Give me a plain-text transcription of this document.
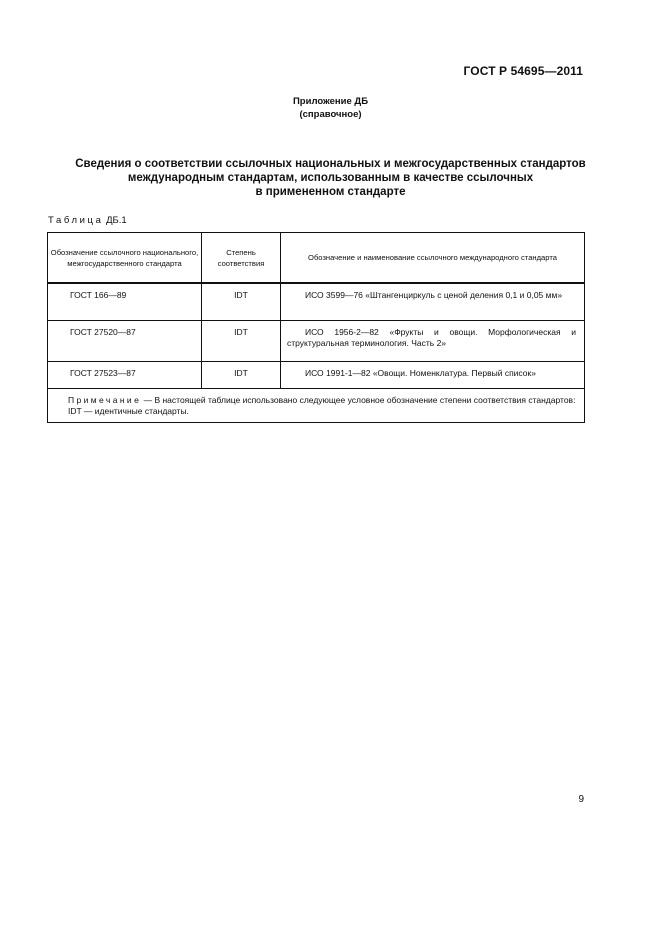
ГОСТ Р 54695—2011
Приложение ДБ
(справочное)
Сведения о соответствии ссылочных национальных и межгосударственных стандартов
международным стандартам, использованным в качестве ссылочных
в примененном стандарте
Таблица ДБ.1
Обозначение ссылочного национального, межгосударственного стандарта	Степень соответствия	Обозначение и наименование ссылочного международного стандарта
ГОСТ 166—89	IDT	ИСО 3599—76 «Штангенциркуль с ценой деления 0,1 и 0,05 мм»
ГОСТ 27520—87	IDT	ИСО 1956-2—82 «Фрукты и овощи. Морфологическая и структуральная терминология. Часть 2»
ГОСТ 27523—87	IDT	ИСО 1991-1—82 «Овощи. Номенклатура. Первый список»

Примечание — В настоящей таблице использовано следующее условное обозначение степени соответствия стандартов:
IDT — идентичные стандарты.		
9
